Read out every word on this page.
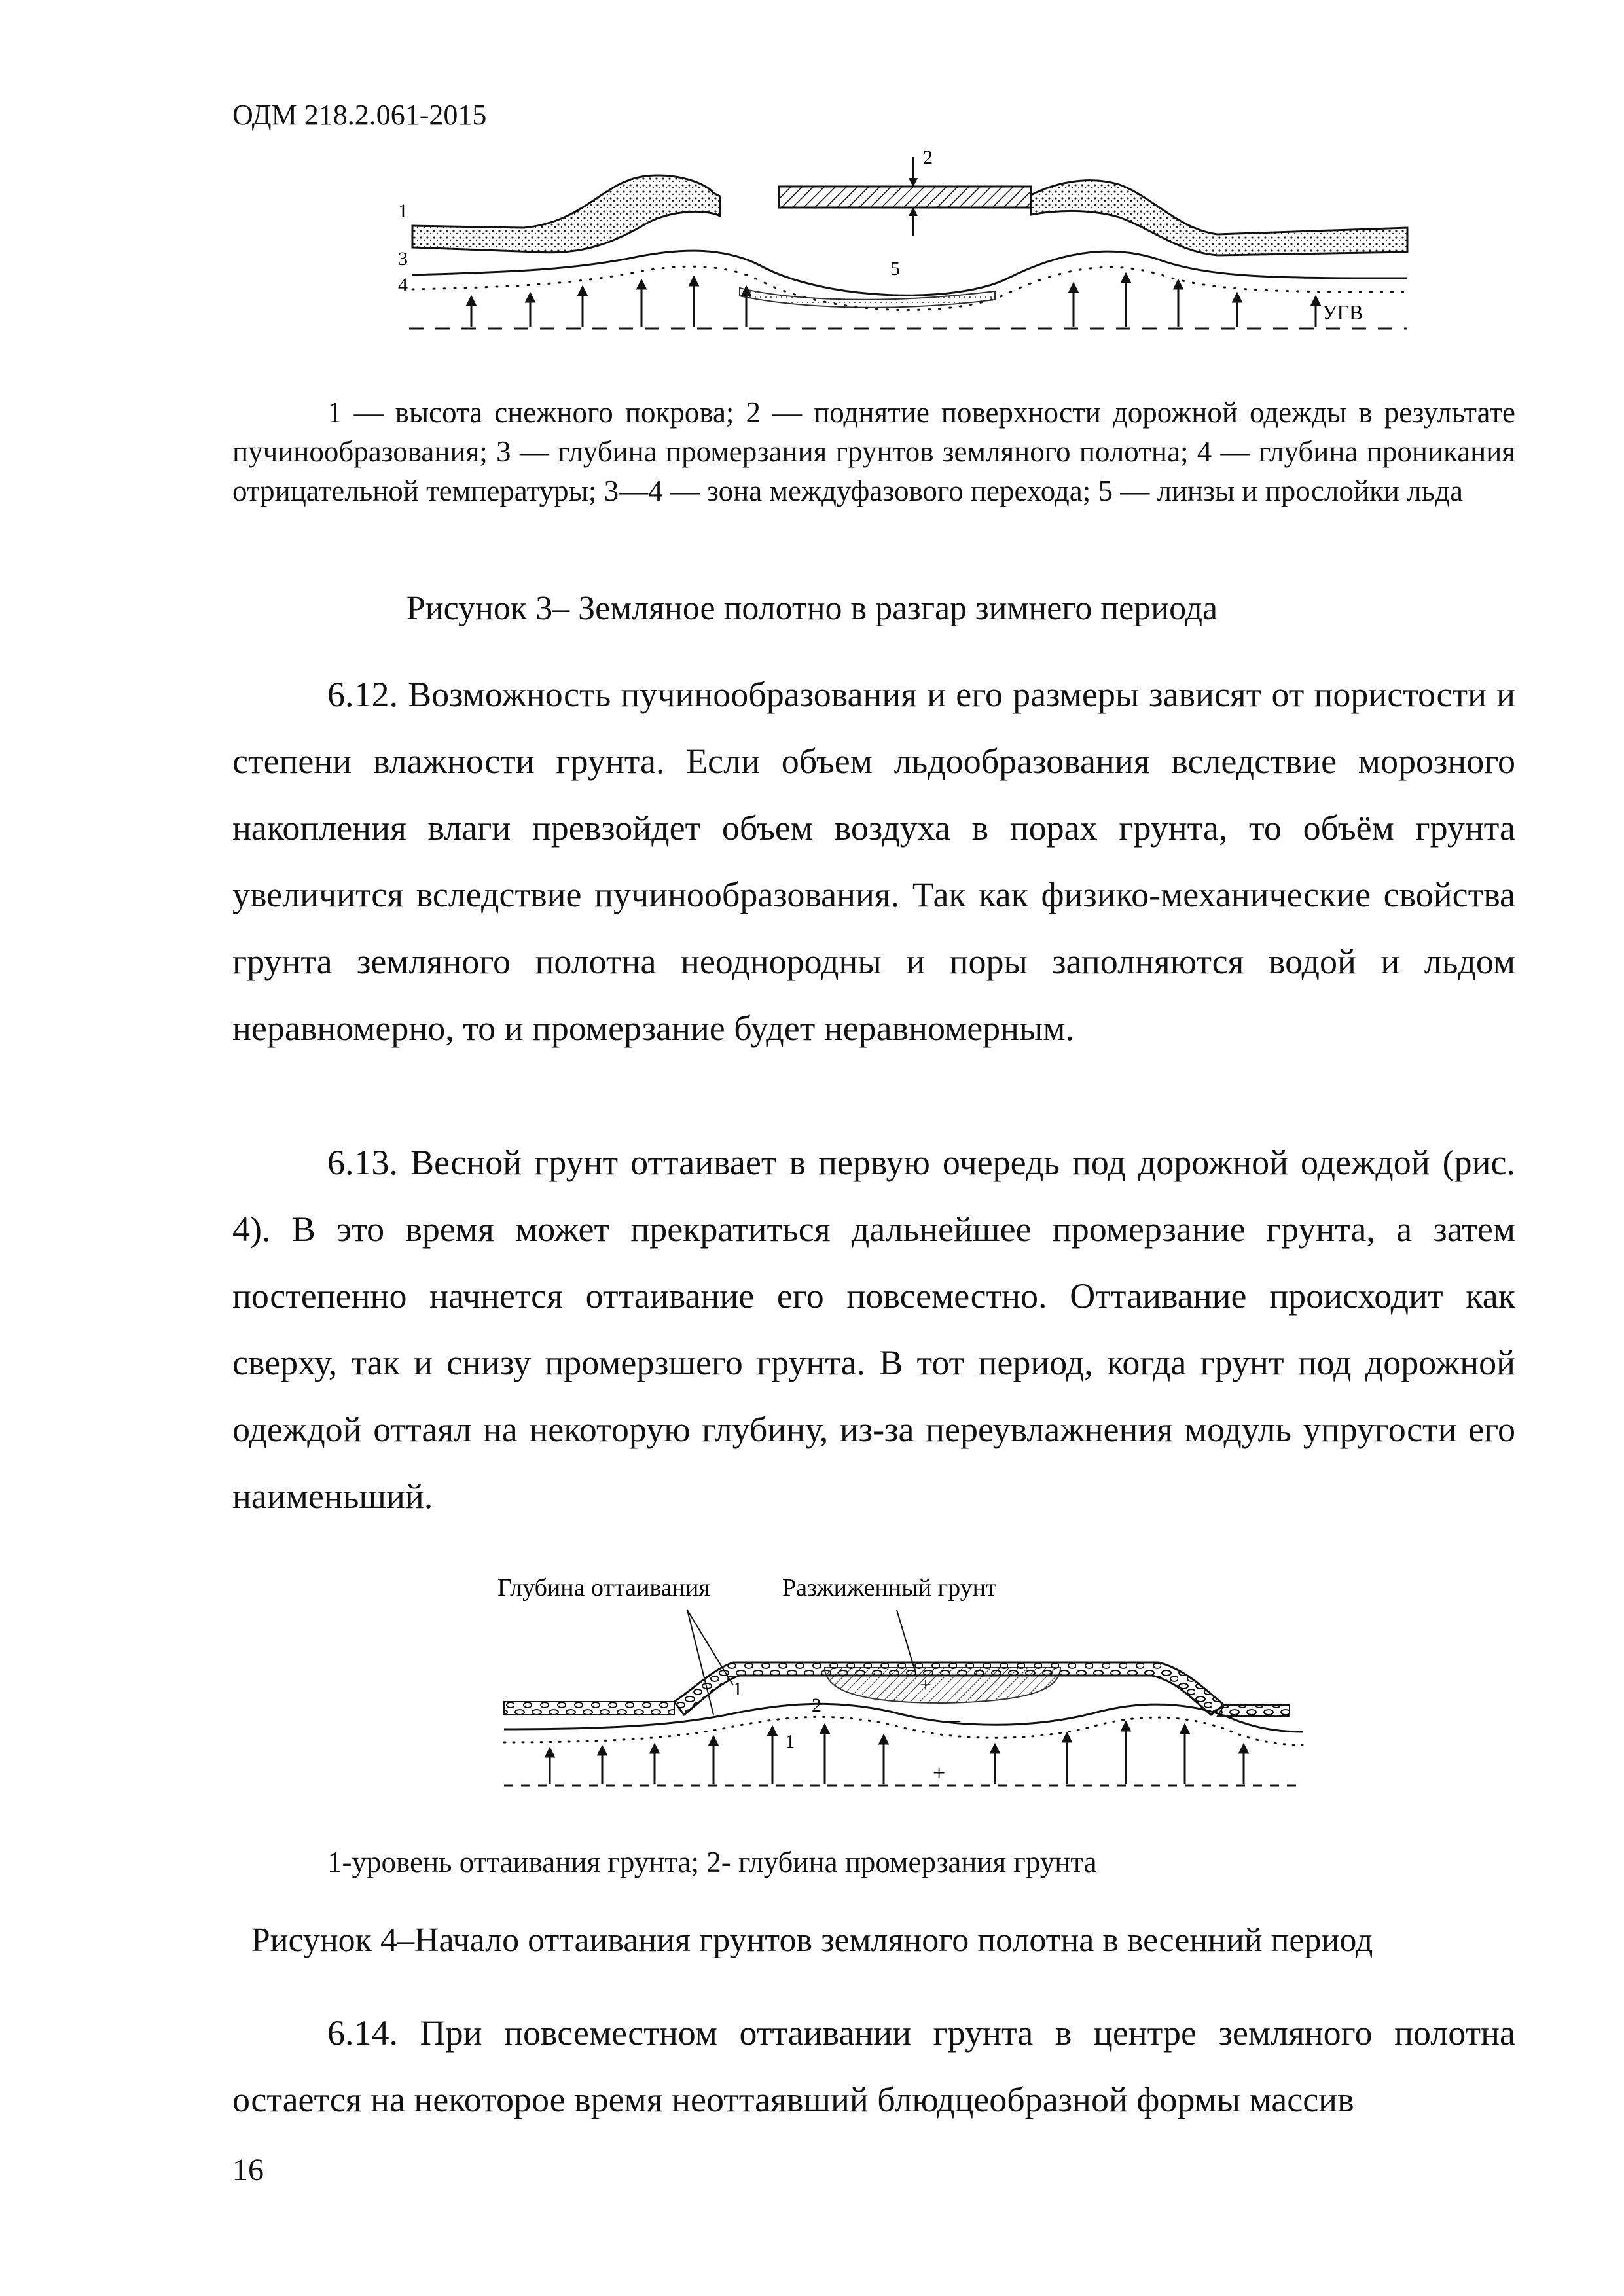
ОДМ 218.2.061-2015
1
2
3
4
5
УГВ
1 — высота снежного покрова; 2 — поднятие поверхности дорожной одежды в результате пучинообразования; 3 — глубина промерзания грунтов земляного полотна; 4 — глубина проникания отрицательной температуры; 3—4 — зона междуфазового перехода; 5 — линзы и прослойки льда
Рисунок 3– Земляное полотно в разгар зимнего периода

6.12. Возможность пучинообразования и его размеры зависят от пористости и степени влажности грунта. Если объем льдообразования вследствие морозного накопления влаги превзойдет объем воздуха в порах грунта, то объём грунта увеличится вследствие пучинообразования. Так как физико-механические свойства грунта земляного полотна неоднородны и поры заполняются водой и льдом неравномерно, то и промерзание будет неравномерным.

6.13. Весной грунт оттаивает в первую очередь под дорожной одеждой (рис. 4). В это время может прекратиться дальнейшее промерзание грунта, а затем постепенно начнется оттаивание его повсеместно. Оттаивание происходит как сверху, так и снизу промерзшего грунта. В тот период, когда грунт под дорожной одеждой оттаял на некоторую глубину, из-за переувлажнения модуль упругости его наименьший.

Глубина оттаивания	Разжиженный грунт
1
2
1
+
–
+
1-уровень оттаивания грунта; 2- глубина промерзания грунта
Рисунок 4–Начало оттаивания грунтов земляного полотна в весенний период

6.14. При повсеместном оттаивании грунта в центре земляного полотна остается на некоторое время неоттаявший блюдцеобразной формы массив

16
